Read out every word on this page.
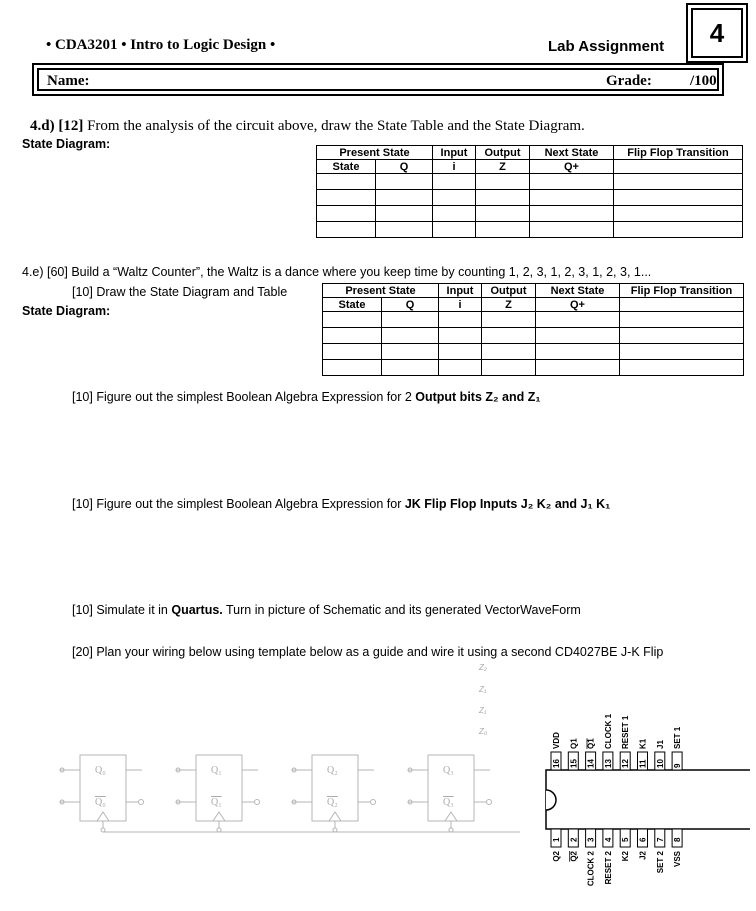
• CDA3201 • Intro to Logic Design •	Lab Assignment	4
Name:	Grade:	/100
4.d) [12] From the analysis of the circuit above, draw the State Table and the State Diagram.
State Diagram:
Present State		Input	Output	Next State	Flip Flop Transition
State	Q	i	Z	Q+	

4.e) [60] Build a “Waltz Counter”, the Waltz is a dance where you keep time by counting 1, 2, 3, 1, 2, 3, 1, 2, 3, 1...
[10] Draw the State Diagram and Table
State Diagram:
Present State		Input	Output	Next State	Flip Flop Transition
State	Q	i	Z	Q+	

[10] Figure out the simplest Boolean Algebra Expression for 2 Output bits Z₂ and Z₁
[10] Figure out the simplest Boolean Algebra Expression for JK Flip Flop Inputs J₂ K₂ and J₁ K₁
[10] Simulate it in Quartus. Turn in picture of Schematic and its generated VectorWaveForm
[20] Plan your wiring below using template below as a guide and wire it using a second CD4027BE J-K Flip
Z₂
Z₁
Z₁
Z₀
Q₀
Q₀
Q₁
Q₁
Q₂
Q₂
Q₃
Q₃
16
VDD
15
Q1
14
Q1
13
CLOCK 1
12
RESET 1
11
K1
10
J1
9
SET 1
1
Q2
2
Q2
3
CLOCK 2
4
RESET 2
5
K2
6
J2
7
SET 2
8
VSS
